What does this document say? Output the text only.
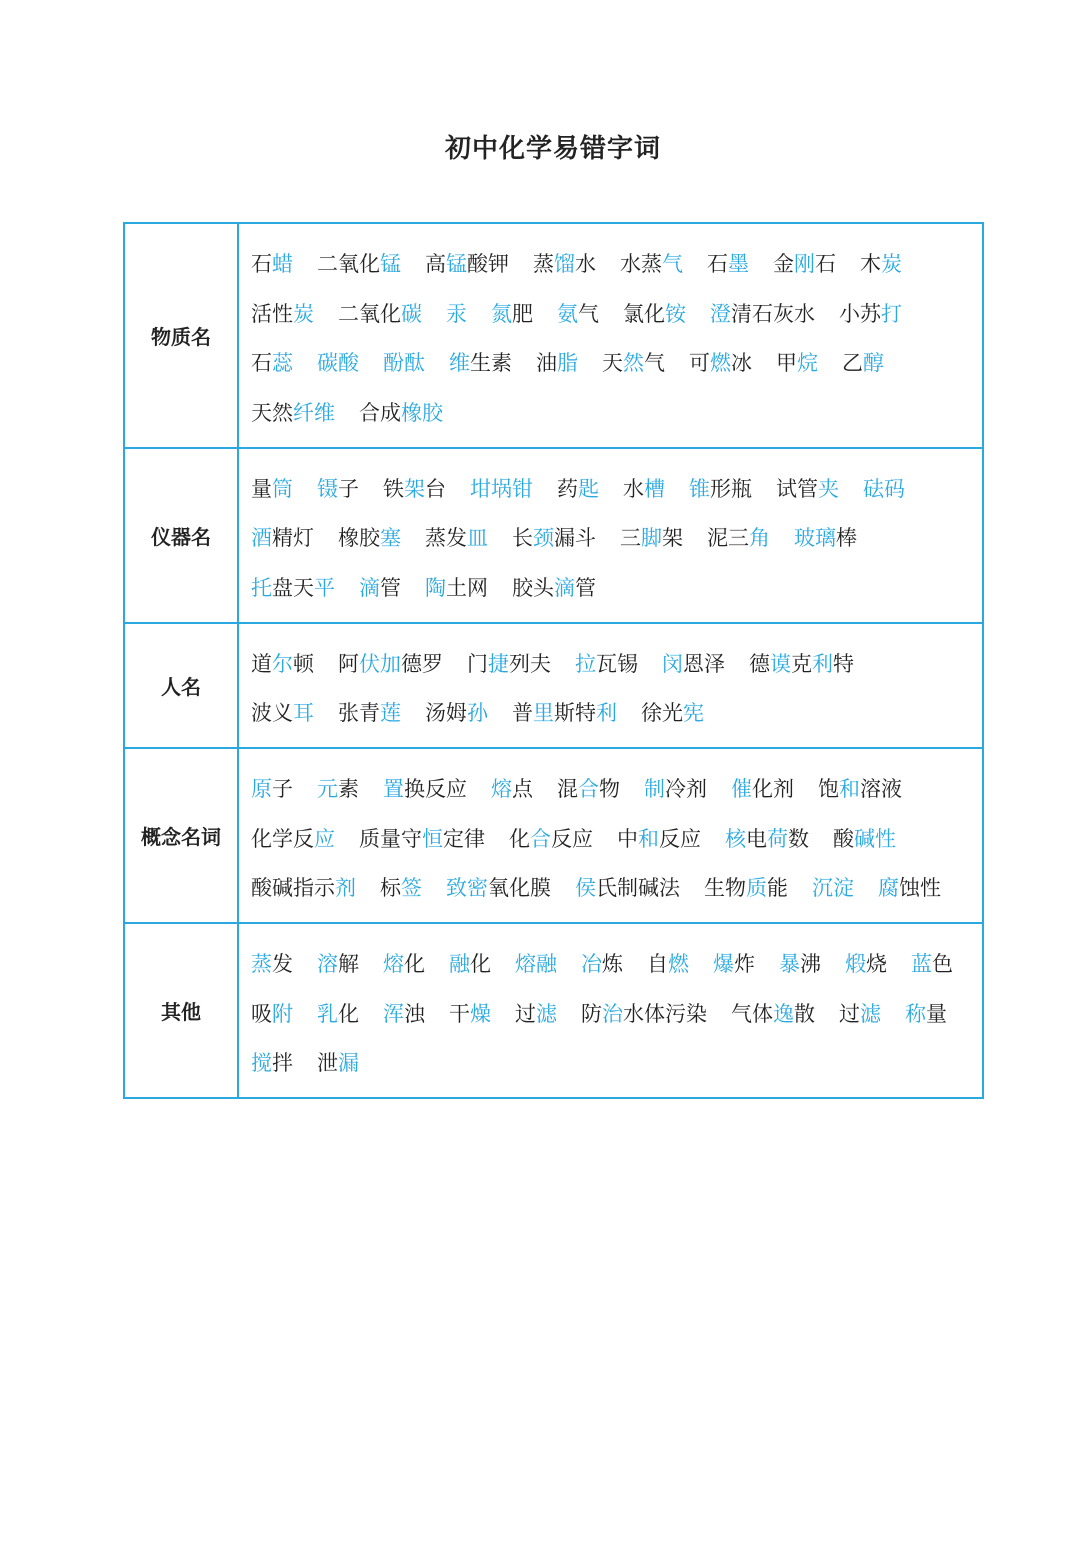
初中化学易错字词
物质名	石蜡 二氧化锰 高锰酸钾 蒸馏水 水蒸气 石墨 金刚石 木炭
活性炭 二氧化碳 汞 氮肥 氨气 氯化铵 澄清石灰水 小苏打
石蕊 碳酸 酚酞 维生素 油脂 天然气 可燃冰 甲烷 乙醇
天然纤维 合成橡胶

仪器名	量筒 镊子 铁架台 坩埚钳 药匙 水槽 锥形瓶 试管夹 砝码
酒精灯 橡胶塞 蒸发皿 长颈漏斗 三脚架 泥三角 玻璃棒
托盘天平 滴管 陶土网 胶头滴管

人名	道尔顿 阿伏加德罗 门捷列夫 拉瓦锡 闵恩泽 德谟克利特
波义耳 张青莲 汤姆孙 普里斯特利 徐光宪

概念名词	原子 元素 置换反应 熔点 混合物 制冷剂 催化剂 饱和溶液
化学反应 质量守恒定律 化合反应 中和反应 核电荷数 酸碱性
酸碱指示剂 标签 致密氧化膜 侯氏制碱法 生物质能 沉淀 腐蚀性

其他	蒸发 溶解 熔化 融化 熔融 冶炼 自燃 爆炸 暴沸 煅烧 蓝色
吸附 乳化 浑浊 干燥 过滤 防治水体污染 气体逸散 过滤 称量
搅拌 泄漏
